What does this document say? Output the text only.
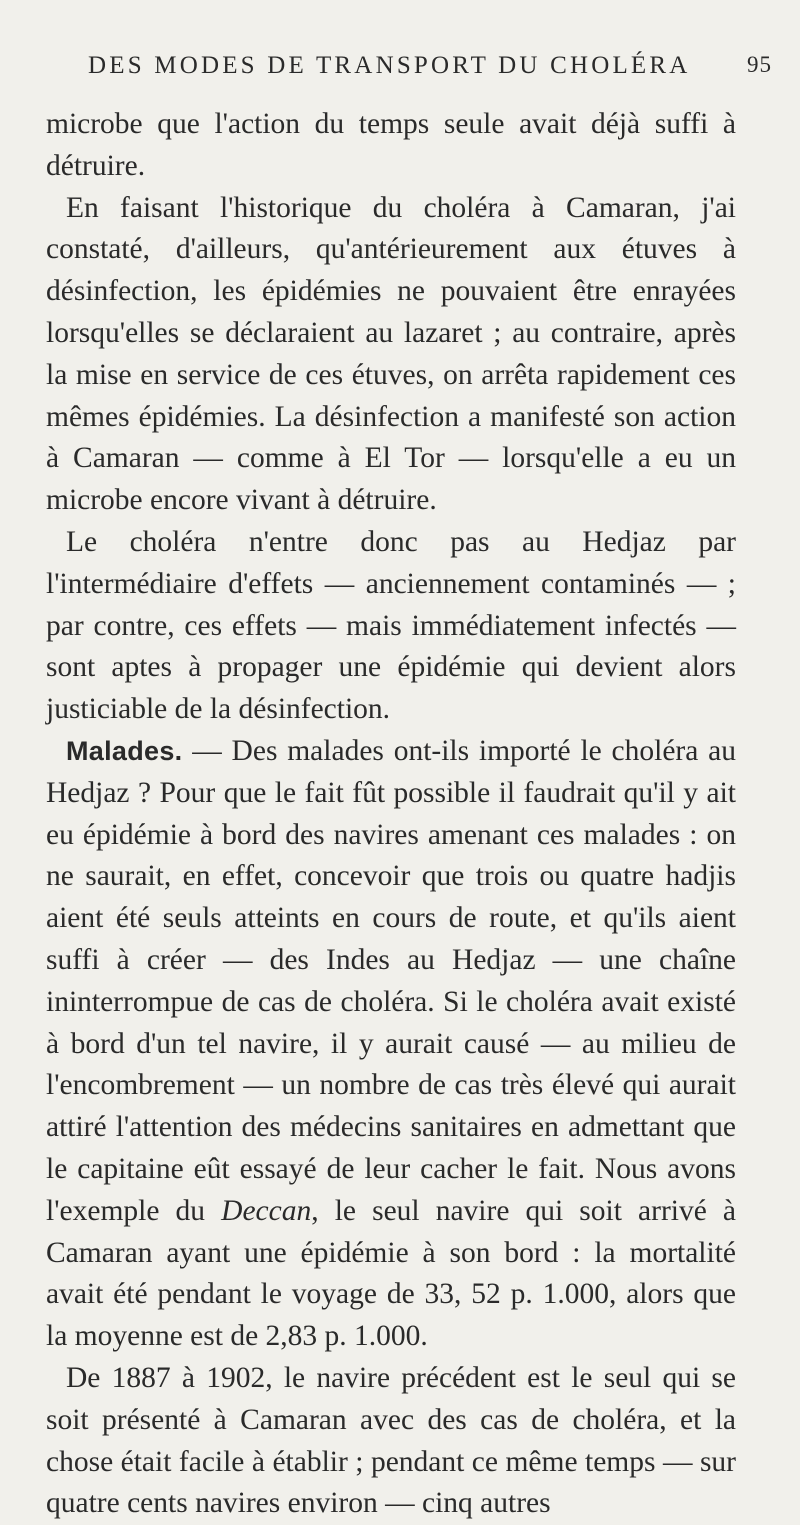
DES MODES DE TRANSPORT DU CHOLÉRA 95

microbe que l'action du temps seule avait déjà suffi à détruire.

En faisant l'historique du choléra à Camaran, j'ai constaté, d'ailleurs, qu'antérieurement aux étuves à désinfection, les épidémies ne pouvaient être enrayées lorsqu'elles se déclaraient au lazaret ; au contraire, après la mise en service de ces étuves, on arrêta rapidement ces mêmes épidémies. La désinfection a manifesté son action à Camaran — comme à El Tor — lorsqu'elle a eu un microbe encore vivant à détruire.

Le choléra n'entre donc pas au Hedjaz par l'intermédiaire d'effets — anciennement contaminés — ; par contre, ces effets — mais immédiatement infectés — sont aptes à propager une épidémie qui devient alors justiciable de la désinfection.

Malades. — Des malades ont-ils importé le choléra au Hedjaz ? Pour que le fait fût possible il faudrait qu'il y ait eu épidémie à bord des navires amenant ces malades : on ne saurait, en effet, concevoir que trois ou quatre hadjis aient été seuls atteints en cours de route, et qu'ils aient suffi à créer — des Indes au Hedjaz — une chaîne ininterrompue de cas de choléra. Si le choléra avait existé à bord d'un tel navire, il y aurait causé — au milieu de l'encombrement — un nombre de cas très élevé qui aurait attiré l'attention des médecins sanitaires en admettant que le capitaine eût essayé de leur cacher le fait. Nous avons l'exemple du Deccan, le seul navire qui soit arrivé à Camaran ayant une épidémie à son bord : la mortalité avait été pendant le voyage de 33, 52 p. 1.000, alors que la moyenne est de 2,83 p. 1.000.

De 1887 à 1902, le navire précédent est le seul qui se soit présenté à Camaran avec des cas de choléra, et la chose était facile à établir ; pendant ce même temps — sur quatre cents navires environ — cinq autres
